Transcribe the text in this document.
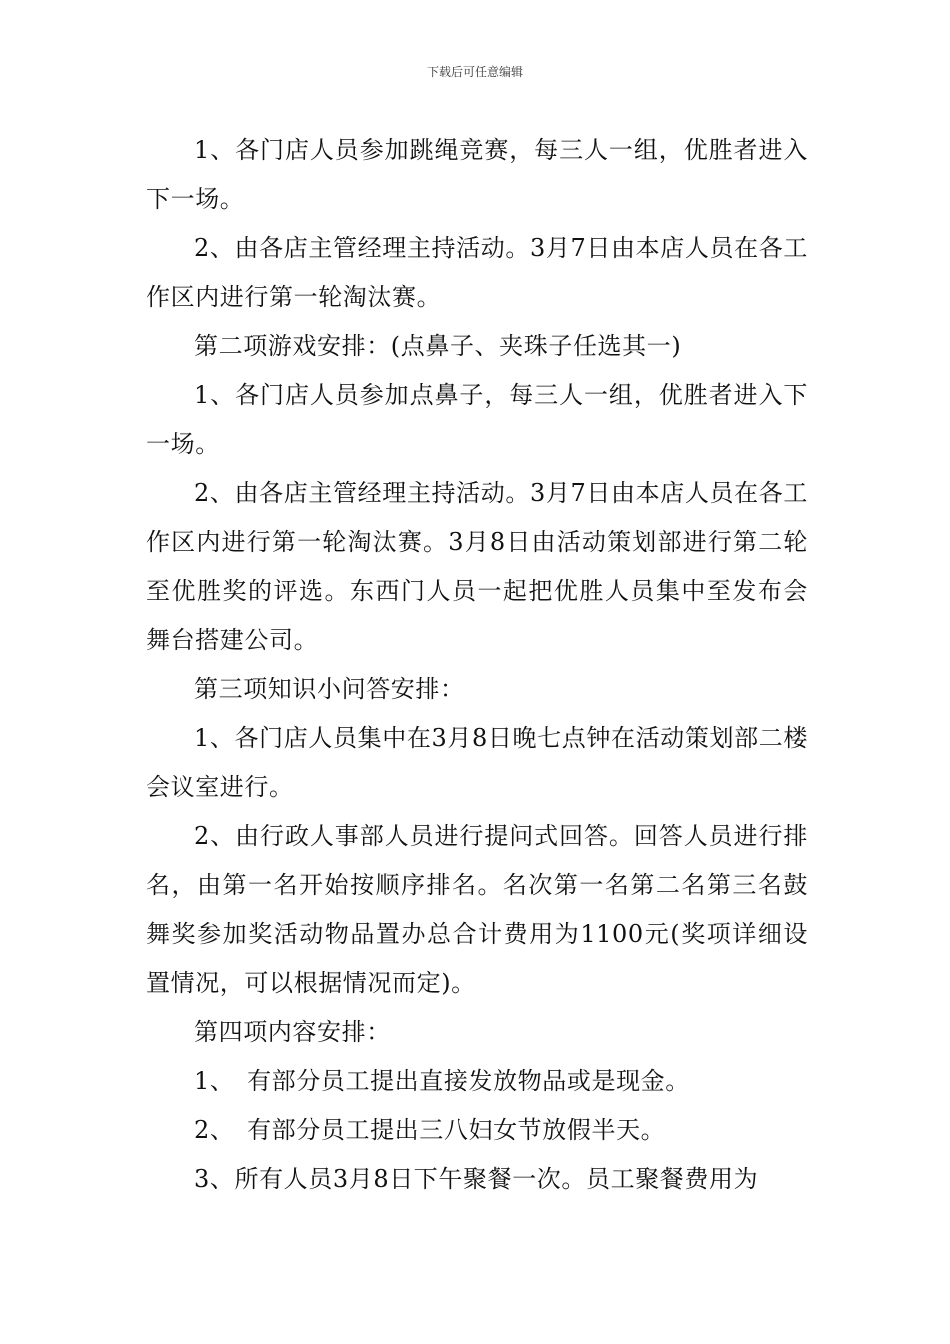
下载后可任意编辑

1、各门店人员参加跳绳竞赛，每三人一组，优胜者进入下一场。

2、由各店主管经理主持活动。3月7日由本店人员在各工作区内进行第一轮淘汰赛。

第二项游戏安排：(点鼻子、夹珠子任选其一)

1、各门店人员参加点鼻子，每三人一组，优胜者进入下一场。

2、由各店主管经理主持活动。3月7日由本店人员在各工作区内进行第一轮淘汰赛。3月8日由活动策划部进行第二轮至优胜奖的评选。东西门人员一起把优胜人员集中至发布会舞台搭建公司。

第三项知识小问答安排：

1、各门店人员集中在3月8日晚七点钟在活动策划部二楼会议室进行。

2、由行政人事部人员进行提问式回答。回答人员进行排名，由第一名开始按顺序排名。名次第一名第二名第三名鼓舞奖参加奖活动物品置办总合计费用为1100元(奖项详细设置情况，可以根据情况而定)。

第四项内容安排：

1、　有部分员工提出直接发放物品或是现金。

2、　有部分员工提出三八妇女节放假半天。

3、所有人员3月8日下午聚餐一次。员工聚餐费用为
